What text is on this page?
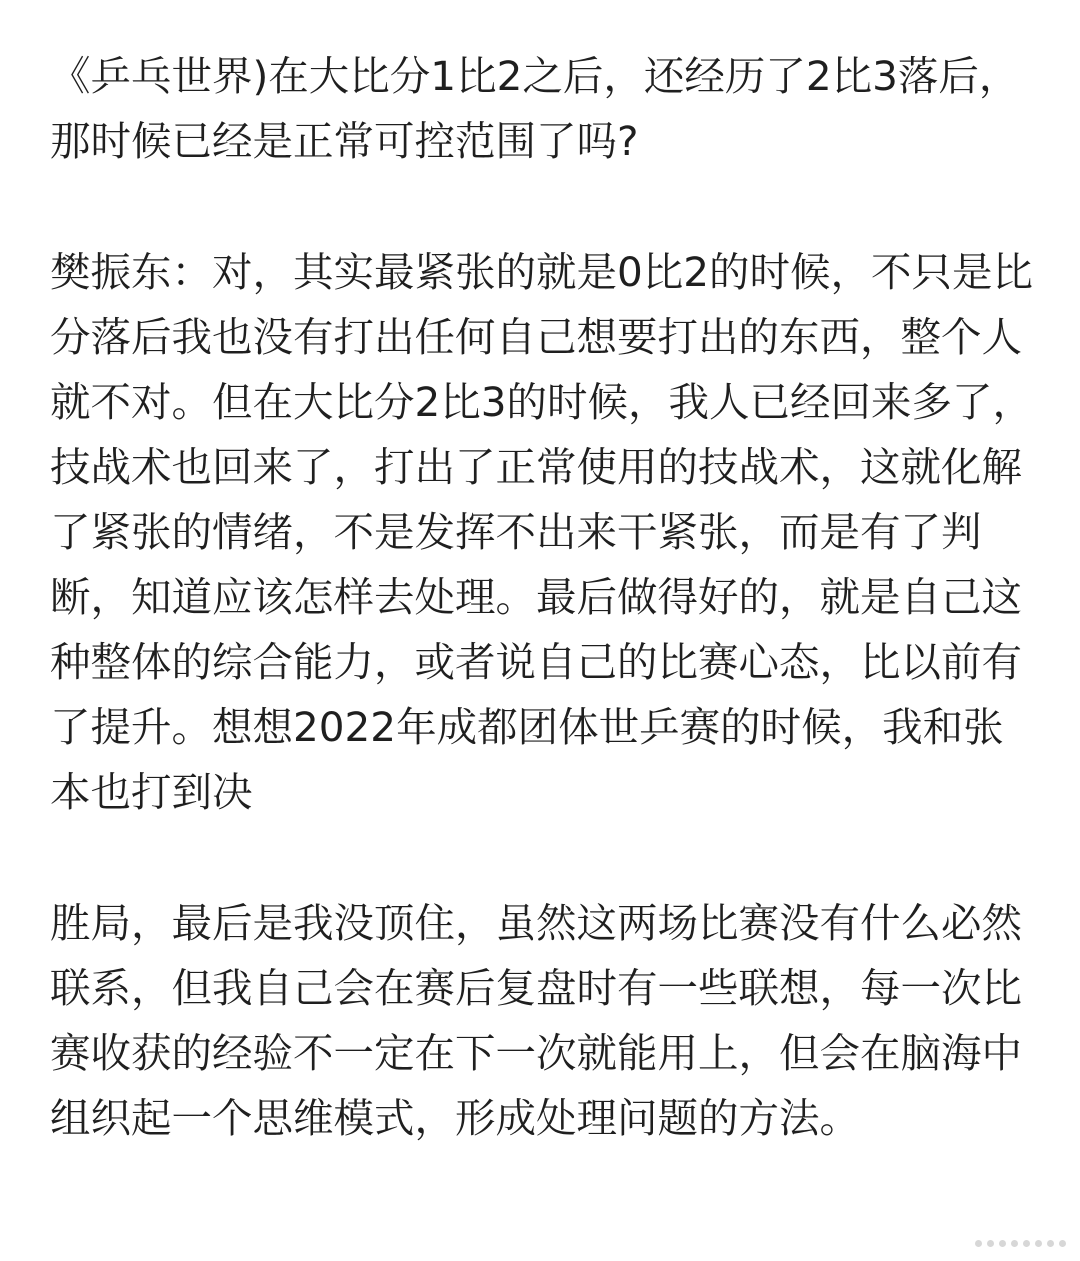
《乒乓世界)在大比分1比2之后，还经历了2比3落后，那时候已经是正常可控范围了吗?

樊振东：对，其实最紧张的就是0比2的时候，不只是比分落后我也没有打出任何自己想要打出的东西，整个人就不对。但在大比分2比3的时候，我人已经回来多了，技战术也回来了，打出了正常使用的技战术，这就化解了紧张的情绪，不是发挥不出来干紧张，而是有了判断，知道应该怎样去处理。最后做得好的，就是自己这种整体的综合能力，或者说自己的比赛心态，比以前有了提升。想想2022年成都团体世乒赛的时候，我和张本也打到决

胜局，最后是我没顶住，虽然这两场比赛没有什么必然联系，但我自己会在赛后复盘时有一些联想，每一次比赛收获的经验不一定在下一次就能用上，但会在脑海中组织起一个思维模式，形成处理问题的方法。
